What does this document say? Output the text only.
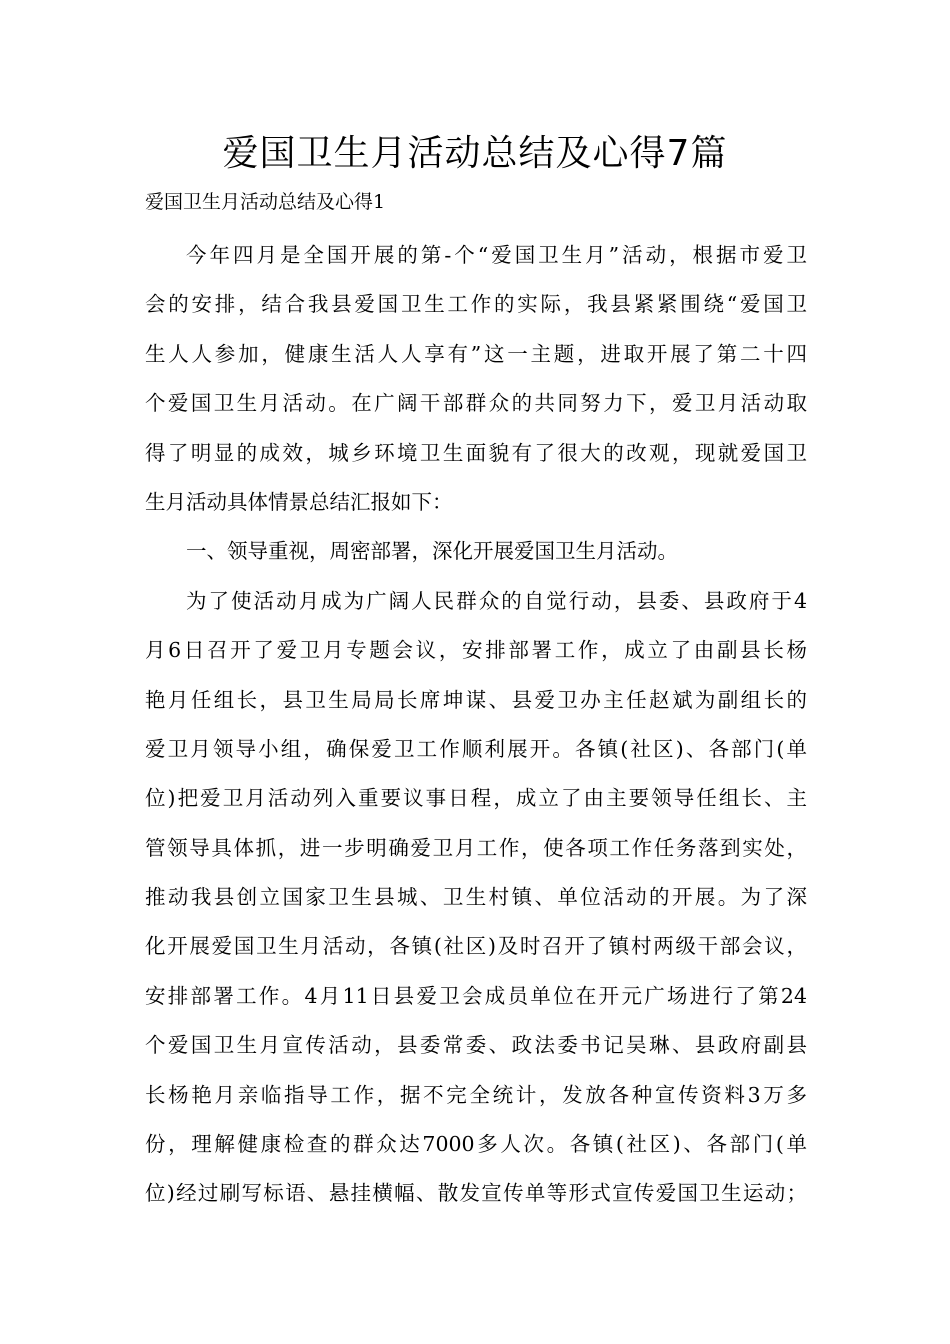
爱国卫生月活动总结及心得7篇

爱国卫生月活动总结及心得1

今年四月是全国开展的第-个“爱国卫生月”活动，根据市爱卫
会的安排，结合我县爱国卫生工作的实际，我县紧紧围绕“爱国卫
生人人参加，健康生活人人享有”这一主题，进取开展了第二十四
个爱国卫生月活动。在广阔干部群众的共同努力下，爱卫月活动取
得了明显的成效，城乡环境卫生面貌有了很大的改观，现就爱国卫
生月活动具体情景总结汇报如下：
一、领导重视，周密部署，深化开展爱国卫生月活动。
为了使活动月成为广阔人民群众的自觉行动，县委、县政府于4
月6日召开了爱卫月专题会议，安排部署工作，成立了由副县长杨
艳月任组长，县卫生局局长席坤谋、县爱卫办主任赵斌为副组长的
爱卫月领导小组，确保爱卫工作顺利展开。各镇(社区)、各部门(单
位)把爱卫月活动列入重要议事日程，成立了由主要领导任组长、主
管领导具体抓，进一步明确爱卫月工作，使各项工作任务落到实处，
推动我县创立国家卫生县城、卫生村镇、单位活动的开展。为了深
化开展爱国卫生月活动，各镇(社区)及时召开了镇村两级干部会议，
安排部署工作。4月11日县爱卫会成员单位在开元广场进行了第24
个爱国卫生月宣传活动，县委常委、政法委书记吴琳、县政府副县
长杨艳月亲临指导工作，据不完全统计，发放各种宣传资料3万多
份，理解健康检查的群众达7000多人次。各镇(社区)、各部门(单
位)经过刷写标语、悬挂横幅、散发宣传单等形式宣传爱国卫生运动；
